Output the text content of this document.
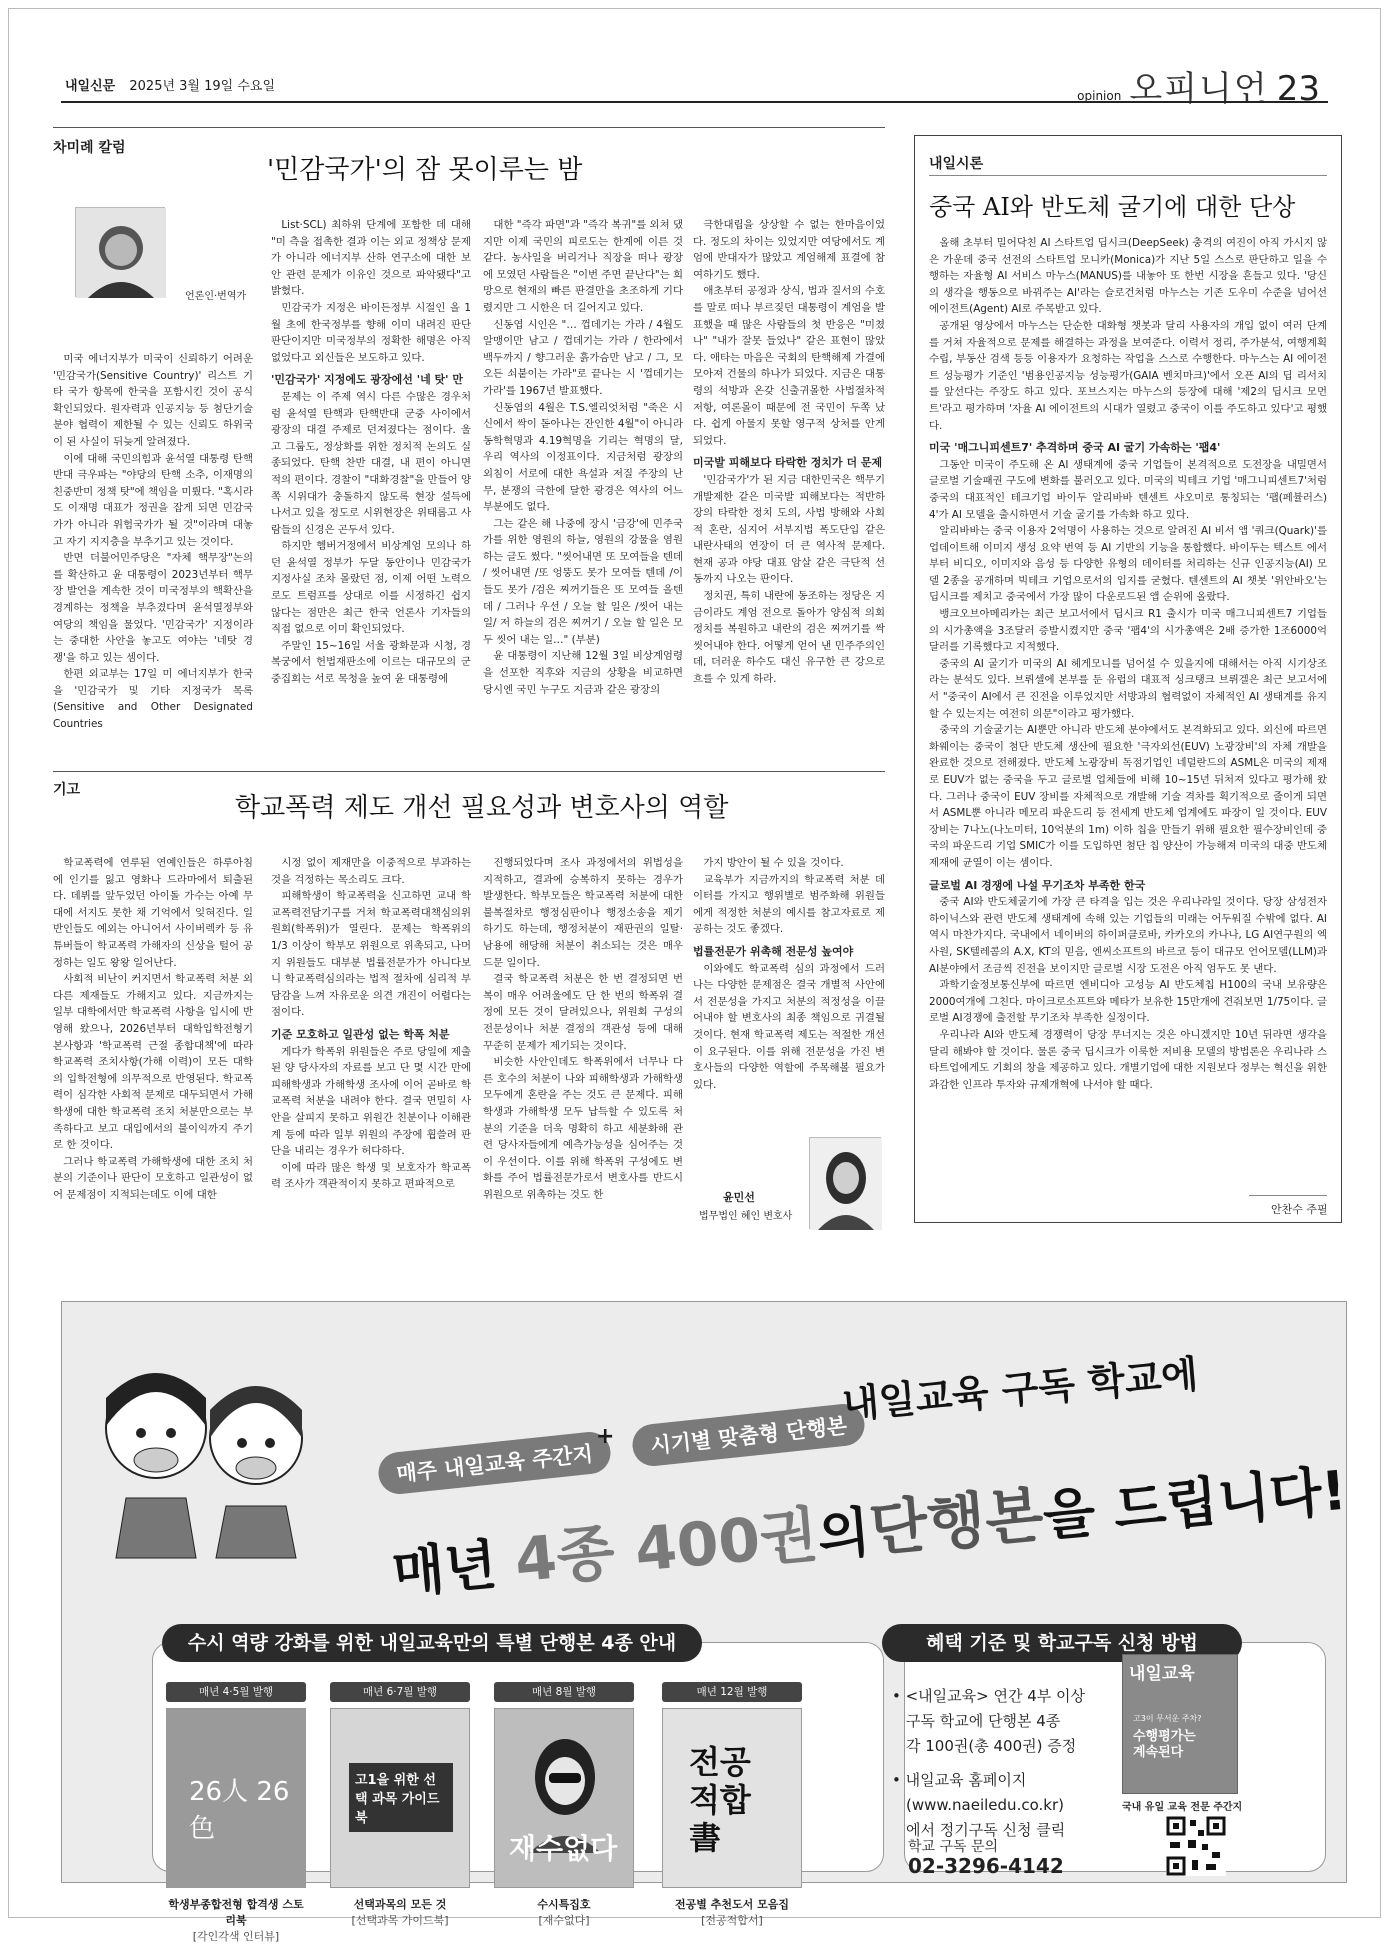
내일신문 2025년 3월 19일 수요일
opinion 오피니언 23
차미례 칼럼
'민감국가'의 잠 못이루는 밤
언론인·번역가

미국 에너지부가 미국이 신뢰하기 어려운 '민감국가(Sensitive Country)' 리스트 기타 국가 항목에 한국을 포함시킨 것이 공식 확인되었다. 원자력과 인공지능 등 첨단기술 분야 협력이 제한될 수 있는 신뢰도 하위국이 된 사실이 뒤늦게 알려졌다.

이에 대해 국민의힘과 윤석열 대통령 탄핵 반대 극우파는 "야당의 탄핵 소추, 이재명의 친중반미 정책 탓"에 책임을 미뤘다. "혹시라도 이재명 대표가 정권을 잡게 되면 민감국가가 아니라 위험국가가 될 것"이라며 대놓고 자기 지지층을 부추기고 있는 것이다.

반면 더불어민주당은 "자체 핵무장"논의를 확산하고 윤 대통령이 2023년부터 핵무장 발언을 계속한 것이 미국정부의 핵확산을 경계하는 정책을 부추겼다며 윤석열정부와 여당의 책임을 물었다. '민감국가' 지정이라는 중대한 사안을 놓고도 여야는 '네탓 경쟁'을 하고 있는 셈이다.

한편 외교부는 17일 미 에너지부가 한국을 '민감국가 및 기타 지정국가 목록(Sensitive and Other Designated Countries

List·SCL) 최하위 단계에 포함한 데 대해 "미 측을 접촉한 결과 이는 외교 정책상 문제가 아니라 에너지부 산하 연구소에 대한 보안 관련 문제가 이유인 것으로 파악됐다"고 밝혔다.

민감국가 지정은 바이든정부 시절인 올 1월 초에 한국정부를 향해 이미 내려진 판단판단이지만 미국정부의 정확한 해명은 아직 없었다고 외신들은 보도하고 있다.

'민감국가' 지정에도 광장에선 '네 탓' 만

문제는 이 주제 역시 다른 수많은 경우처럼 윤석열 탄핵과 탄핵반대 군중 사이에서 광장의 대결 주제로 던져졌다는 점이다. 울고 그룹도, 정상화를 위한 정치적 논의도 실종되었다. 탄핵 찬반 대결, 내 편이 아니면 적의 편이다. 경찰이 "대화경찰"을 만들어 양쪽 시위대가 충돌하지 않도록 현장 설득에 나서고 있을 정도로 시위현장은 위태롭고 사람들의 신경은 곤두서 있다.

하지만 헴버거정에서 비상계엄 모의나 하던 윤석열 정부가 두달 동안이나 민감국가 지정사실 조차 몰랐던 점, 이제 어떤 노력으로도 트럼프를 상대로 이를 시정하긴 쉽지 않다는 점만은 최근 한국 언론사 기자들의 직접 없으로 이미 확인되었다.

주말인 15~16일 서울 광화문과 시청, 경복궁에서 헌법재판소에 이르는 대규모의 군중집회는 서로 목청을 높여 윤 대통령에

대한 "즉각 파면"과 "즉각 복귀"를 외쳐 댔지만 이제 국민의 피로도는 한계에 이른 것 같다. 농사일을 버리거나 직장을 떠나 광장에 모였던 사람들은 "이번 주면 끝난다"는 희망으로 현재의 빠른 판결만을 초조하게 기다렸지만 그 시한은 더 길어지고 있다.

신동엽 시인은 "… 껍데기는 가라 / 4월도 알맹이만 남고 / 껍데기는 가라 / 한라에서 백두까지 / 향그러운 흙가슴만 남고 / 그, 모오든 쇠붙이는 가라"로 끝나는 시 '껍데기는 가라'를 1967년 발표했다.

신동엽의 4월은 T.S.엘리엇처럼 "죽은 시신에서 싹이 돋아나는 잔인한 4월"이 아니라 동학혁명과 4.19혁명을 기리는 혁명의 달, 우리 역사의 이정표이다. 지금처럼 광장의 외침이 서로에 대한 욕설과 저질 주장의 난무, 분쟁의 극한에 달한 광경은 역사의 어느 부분에도 없다.

그는 같은 해 나중에 장시 '금강'에 민주국가를 위한 영원의 하늘, 영원의 강물을 염원하는 글도 썼다. "씻어내면 또 모여들을 텐데 / 씻어내면 /또 엉뚱도 못가 모여들 텐데 /이들도 못가 /검은 찌꺼기들은 또 모여들 올텐데 / 그러나 우선 / 오늘 할 일은 /씻어 내는 일/ 저 하늘의 검은 찌꺼기 / 오늘 할 일은 모두 씻어 내는 일…" (부분)

윤 대통령이 지난해 12월 3일 비상계엄령을 선포한 직후와 지금의 상황을 비교하면 당시엔 국민 누구도 지금과 같은 광장의

극한대립을 상상할 수 없는 한마음이었다. 정도의 차이는 있었지만 여당에서도 계엄에 반대자가 많았고 계엄해제 표결에 참여하기도 했다.

애초부터 공정과 상식, 법과 질서의 수호를 말로 떠나 부르짖던 대통령이 계엄을 발표했을 때 많은 사람들의 첫 반응은 "미쳤나" "내가 잘못 들었나" 같은 표현이 많았다. 애타는 마음은 국회의 탄핵해제 가결에 모아져 건물의 하나가 되었다. 지금은 대통령의 석방과 온갖 신출귀몰한 사법절차적 저항, 여론몰이 때문에 전 국민이 두쪽 났다. 쉽게 아물지 못할 영구적 상처를 안게 되었다.

미국발 피해보다 타락한 정치가 더 문제

'민감국가'가 된 지금 대한민국은 핵무기 개발제한 같은 미국발 피해보다는 적반하장의 타락한 정치 도의, 사법 방해와 사회적 혼란, 심지어 서부지법 폭도단입 같은 내란사태의 연장이 더 큰 역사적 문제다. 현재 공과 야당 대표 암살 같은 극단적 선동까지 나오는 판이다.

정치권, 특히 내란에 동조하는 정당은 지금이라도 계엄 전으로 돌아가 양심적 의회정치를 복원하고 내란의 검은 찌꺼기를 싹 씻어내야 한다. 어떻게 얻어 낸 민주주의인데, 더러운 하수도 대신 유구한 큰 강으로 흐를 수 있게 하라.

기고
학교폭력 제도 개선 필요성과 변호사의 역할

학교폭력에 연루된 연예인들은 하루아침에 인기를 잃고 영화나 드라마에서 퇴출된다. 데뷔를 앞두었던 아이돌 가수는 아예 무대에 서지도 못한 채 기억에서 잊혀진다. 일반인들도 예외는 아니어서 사이버렉카 등 유튜버들이 학교폭력 가해자의 신상을 털어 공정하는 일도 왕왕 일어난다.

사회적 비난이 커지면서 학교폭력 처분 외 다른 제재들도 가해지고 있다. 지금까지는 일부 대학에서만 학교폭력 사항을 입시에 반영해 왔으나, 2026년부터 대학입학전형기본사항과 '학교폭력 근절 종합대책'에 따라 학교폭력 조치사항(가해 이력)이 모든 대학의 입학전형에 의무적으로 반영된다. 학교폭력이 심각한 사회적 문제로 대두되면서 가해학생에 대한 학교폭력 조치 처분만으로는 부족하다고 보고 대입에서의 불이익까지 주기로 한 것이다.

그러나 학교폭력 가해학생에 대한 조치 처분의 기준이나 판단이 모호하고 일관성이 없어 문제점이 지적되는데도 이에 대한

시정 없이 제재만을 이중적으로 부과하는 것을 걱정하는 목소리도 크다.

피해학생이 학교폭력을 신고하면 교내 학교폭력전담기구를 거쳐 학교폭력대책심의위원회(학폭위)가 열린다. 문제는 학폭위의 1/3 이상이 학부모 위원으로 위촉되고, 나머지 위원들도 대부분 법률전문가가 아니다보니 학교폭력심의라는 법적 절차에 심리적 부담감을 느껴 자유로운 의견 개진이 어렵다는 점이다.

기준 모호하고 일관성 없는 학폭 처분

게다가 학폭위 위원들은 주로 당일에 제출된 양 당사자의 자료를 보고 단 몇 시간 만에 피해학생과 가해학생 조사에 이어 곧바로 학교폭력 처분을 내려야 한다. 결국 면밀히 사안을 살피지 못하고 위원간 친분이나 이해관계 등에 따라 일부 위원의 주장에 휩쓸려 판단을 내리는 경우가 허다하다.

이에 따라 많은 학생 및 보호자가 학교폭력 조사가 객관적이지 못하고 편파적으로

진행되었다며 조사 과정에서의 위법성을 지적하고, 결과에 승복하지 못하는 경우가 발생한다. 학부모들은 학교폭력 처분에 대한 불복절차로 행정심판이나 행정소송을 제기하기도 하는데, 행정처분이 재판권의 일탈·남용에 해당해 처분이 취소되는 것은 매우 드문 일이다.

결국 학교폭력 처분은 한 번 결정되면 번복이 매우 어려울에도 단 한 번의 학폭위 결정에 모든 것이 달려있으나, 위원회 구성의 전문성이나 처분 결정의 객관성 등에 대해 꾸준히 문제가 제기되는 것이다.

비슷한 사안인데도 학폭위에서 너무나 다른 호수의 처분이 나와 피해학생과 가해학생 모두에게 혼란을 주는 것도 큰 문제다. 피해학생과 가해학생 모두 납득할 수 있도록 처분의 기준을 더욱 명확히 하고 세분화해 관련 당사자들에게 예측가능성을 심어주는 것이 우선이다. 이를 위해 학폭위 구성에도 변화를 주어 법률전문가로서 변호사를 반드시 위원으로 위촉하는 것도 한

가지 방안이 될 수 있을 것이다.

교육부가 지금까지의 학교폭력 처분 데이터를 가지고 행위별로 범주화해 위원들에게 적정한 처분의 예시를 참고자료로 제공하는 것도 좋겠다.

법률전문가 위촉해 전문성 높여야

이와에도 학교폭력 심의 과정에서 드러나는 다양한 문제점은 결국 개별적 사안에서 전문성을 가지고 처분의 적정성을 이끌어내야 할 변호사의 최종 책임으로 귀결될 것이다. 현재 학교폭력 제도는 적절한 개선이 요구된다. 이를 위해 전문성을 가진 변호사들의 다양한 역할에 주목해볼 필요가 있다.

윤민선
법무법인 혜인 변호사
내일시론
중국 AI와 반도체 굴기에 대한 단상

올해 초부터 밀어닥친 AI 스타트업 딥시크(DeepSeek) 충격의 여진이 아직 가시지 않은 가운데 중국 선전의 스타트업 모니카(Monica)가 지난 5일 스스로 판단하고 일을 수행하는 자율형 AI 서비스 마누스(MANUS)를 내놓아 또 한번 시장을 흔들고 있다. '당신의 생각을 행동으로 바꿔주는 AI'라는 슬로건처럼 마누스는 기존 도우미 수준을 넘어선 에이전트(Agent) AI로 주목받고 있다.

공개된 영상에서 마누스는 단순한 대화형 챗봇과 달리 사용자의 개입 없이 여러 단계를 거쳐 자율적으로 문제를 해결하는 과정을 보여준다. 이력서 정리, 주가분석, 여행계획 수립, 부동산 검색 등등 이용자가 요청하는 작업을 스스로 수행한다. 마누스는 AI 에이전트 성능평가 기준인 '범용인공지능 성능평가(GAIA 벤치마크)'에서 오픈 AI의 딥 리서치를 앞선다는 주장도 하고 있다. 포브스지는 마누스의 등장에 대해 '제2의 딥시크 모먼트'라고 평가하며 '자율 AI 에이전트의 시대가 열렸고 중국이 이를 주도하고 있다'고 평했다.

미국 '매그니피센트7' 추격하며 중국 AI 굴기 가속하는 '팹4'

그동안 미국이 주도해 온 AI 생태계에 중국 기업들이 본격적으로 도전장을 내밀면서 글로벌 기술패권 구도에 변화를 불러오고 있다. 미국의 빅테크 기업 '매그니피센트7'처럼 중국의 대표적인 테크기업 바이두 알리바바 텐센트 샤오미로 통칭되는 '팹(페뷸러스) 4'가 AI 모델을 출시하면서 기술 굴기를 가속화 하고 있다.

알리바바는 중국 이용자 2억명이 사용하는 것으로 알려진 AI 비서 앱 '쿼크(Quark)'를 업데이트해 이미지 생성 요약 번역 등 AI 기반의 기능을 통합했다. 바이두는 텍스트 에서부터 비디오, 이미지와 음성 등 다양한 유형의 데이터를 처리하는 신규 인공지능(AI) 모델 2종을 공개하며 빅테크 기업으로서의 입지를 굳혔다. 텐센트의 AI 챗봇 '위안바오'는 딥시크를 제치고 중국에서 가장 많이 다운로드된 앱 순위에 올랐다.

뱅크오브아메리카는 최근 보고서에서 딥시크 R1 출시가 미국 매그니피센트7 기업들의 시가총액을 3조달러 증발시켰지만 중국 '팹4'의 시가총액은 2배 증가한 1조6000억달러를 기록했다고 지적했다.

중국의 AI 굴기가 미국의 AI 헤게모니를 넘어설 수 있을지에 대해서는 아직 시기상조라는 분석도 있다. 브뤼셀에 본부를 둔 유럽의 대표적 싱크탱크 브뤼겔은 최근 보고서에서 "중국이 AI에서 큰 진전을 이루었지만 서방과의 협력없이 자체적인 AI 생태계를 유지할 수 있는지는 여전히 의문"이라고 평가했다.

중국의 기술굴기는 AI뿐만 아니라 반도체 분야에서도 본격화되고 있다. 외신에 따르면 화웨이는 중국이 첨단 반도체 생산에 필요한 '극자외선(EUV) 노광장비'의 자체 개발을 완료한 것으로 전해졌다. 반도체 노광장비 독점기업인 네덜란드의 ASML은 미국의 제재로 EUV가 없는 중국을 두고 글로벌 업체들에 비해 10~15년 뒤처져 있다고 평가해 왔다. 그러나 중국이 EUV 장비를 자체적으로 개발해 기술 격차를 획기적으로 줄이게 되면서 ASML뿐 아니라 메모리 파운드리 등 전세계 반도체 업계에도 파장이 일 것이다. EUV 장비는 7나노(나노미터, 10억분의 1m) 이하 칩을 만들기 위해 필요한 필수장비인데 중국의 파운드리 기업 SMIC가 이를 도입하면 첨단 칩 양산이 가능해져 미국의 대중 반도체 제재에 균열이 이는 셈이다.

글로벌 AI 경쟁에 나설 무기조차 부족한 한국

중국 AI와 반도체굴기에 가장 큰 타격을 입는 것은 우리나라일 것이다. 당장 삼성전자 하이닉스와 관련 반도체 생태계에 속해 있는 기업들의 미래는 어두워질 수밖에 없다. AI 역시 마찬가지다. 국내에서 네이버의 하이퍼클로바, 카카오의 카나나, LG AI연구원의 엑사원, SK텔레콤의 A.X, KT의 믿음, 엔씨소프트의 바르코 등이 대규모 언어모델(LLM)과 AI분야에서 조금씩 진전을 보이지만 글로벌 시장 도전은 아직 엄두도 못 낸다.

과학기술정보통신부에 따르면 엔비디아 고성능 AI 반도체칩 H100의 국내 보유량은 2000여개에 그친다. 마이크로소프트와 메타가 보유한 15만개에 견줘보면 1/75이다. 글로벌 AI경쟁에 출전할 무기조차 부족한 실정이다.

우리나라 AI와 반도체 경쟁력이 당장 무너지는 것은 아니겠지만 10년 뒤라면 생각을 달리 해봐야 할 것이다. 물론 중국 딥시크가 이룩한 저비용 모델의 방법론은 우리나라 스타트업에게도 기회의 창을 제공하고 있다. 개별기업에 대한 지원보다 정부는 혁신을 위한 과감한 인프라 투자와 규제개혁에 나서야 할 때다.

안찬수 주필
매주 내일교육 주간지
+	시기별 맞춤형 단행본
내일교육 구독 학교에
매년 4종 400권의단행본을 드립니다!
수시 역량 강화를 위한 내일교육만의 특별 단행본 4종 안내
매년 4·5월 발행
26人 26色
학생부종합전형 합격생 스토리북
[각인각색 인터뷰]
매년 6·7월 발행
고1을 위한 선택 과목 가이드북
선택과목의 모든 것
[선택과목 가이드북]
매년 8월 발행
재수없다
수시특집호
[재수없다]
매년 12월 발행
전공 적합 書
전공별 추천도서 모음집
[전공적합서]
혜택 기준 및 학교구독 신청 방법
• <내일교육> 연간 4부 이상
구독 학교에 단행본 4종
각 100권(총 400권) 증정
• 내일교육 홈페이지
(www.naeiledu.co.kr)
에서 정기구독 신청 클릭
학교 구독 문의
02-3296-4142
내일교육
고3이 무서운 주차?
수행평가는
계속된다
국내 유일 교육 전문 주간지
